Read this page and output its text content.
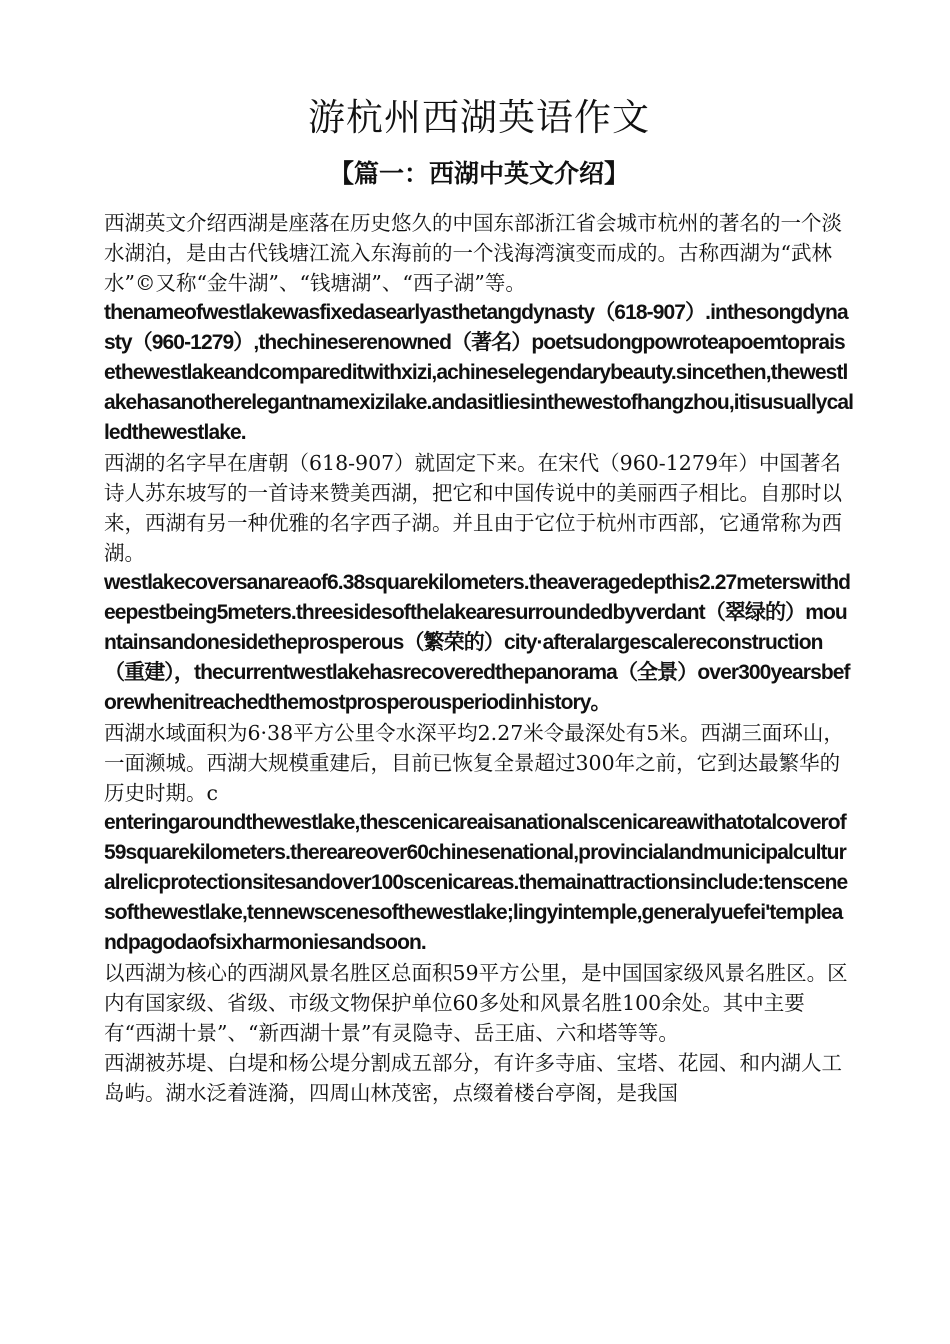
游杭州西湖英语作文
【篇一：西湖中英文介绍】

西湖英文介绍西湖是座落在历史悠久的中国东部浙江省会城市杭州的著名的一个淡水湖泊，是由古代钱塘江流入东海前的一个浅海湾演变而成的。古称西湖为“武林水”©又称“金牛湖”、“钱塘湖”、“西子湖”等。

thenameofwestlakewasfixedasearlyasthetangdynasty（618-907）.inthesongdynasty（960-1279）,thechineserenowned（著名）poetsudongpowroteapoemtopraisethewestlakeandcompareditwithxizi,achineselegendarybeauty.sincethen,thewestlakehasanotherelegantnamexizilake.andasitliesinthewestofhangzhou,itisusuallycalledthewestlake.

西湖的名字早在唐朝（618-907）就固定下来。在宋代（960-1279年）中国著名诗人苏东坡写的一首诗来赞美西湖，把它和中国传说中的美丽西子相比。自那时以来，西湖有另一种优雅的名字西子湖。并且由于它位于杭州市西部，它通常称为西湖。

westlakecoversanareaof6.38squarekilometers.theaveragedepthis2.27meterswithdeepestbeing5meters.threesidesofthelakearesurroundedbyverdant（翠绿的）mountainsandonesidetheprosperous（繁荣的）city·afteralargescalereconstruction（重建），thecurrentwestlakehasrecoveredthepanorama（全景）over300yearsbeforewhenitreachedthemostprosperousperiodinhistory。

西湖水域面积为6·38平方公里令水深平均2.27米令最深处有5米。西湖三面环山，一面濒城。西湖大规模重建后，目前已恢复全景超过300年之前，它到达最繁华的历史时期。c

enteringaroundthewestlake,thescenicareaisanationalscenicareawithatotalcoverof59squarekilometers.thereareover60chinesenational,provincialandmunicipalculturalrelicprotectionsitesandover100scenicareas.themainattractionsinclude:tenscenesofthewestlake,tennewscenesofthewestlake;lingyintemple,generalyuefei'templeandpagodaofsixharmoniesandsoon.

以西湖为核心的西湖风景名胜区总面积59平方公里，是中国国家级风景名胜区。区内有国家级、省级、市级文物保护单位60多处和风景名胜100余处。其中主要有“西湖十景”、“新西湖十景”有灵隐寺、岳王庙、六和塔等等。

西湖被苏堤、白堤和杨公堤分割成五部分，有许多寺庙、宝塔、花园、和内湖人工岛屿。湖水泛着涟漪，四周山林茂密，点缀着楼台亭阁，是我国
